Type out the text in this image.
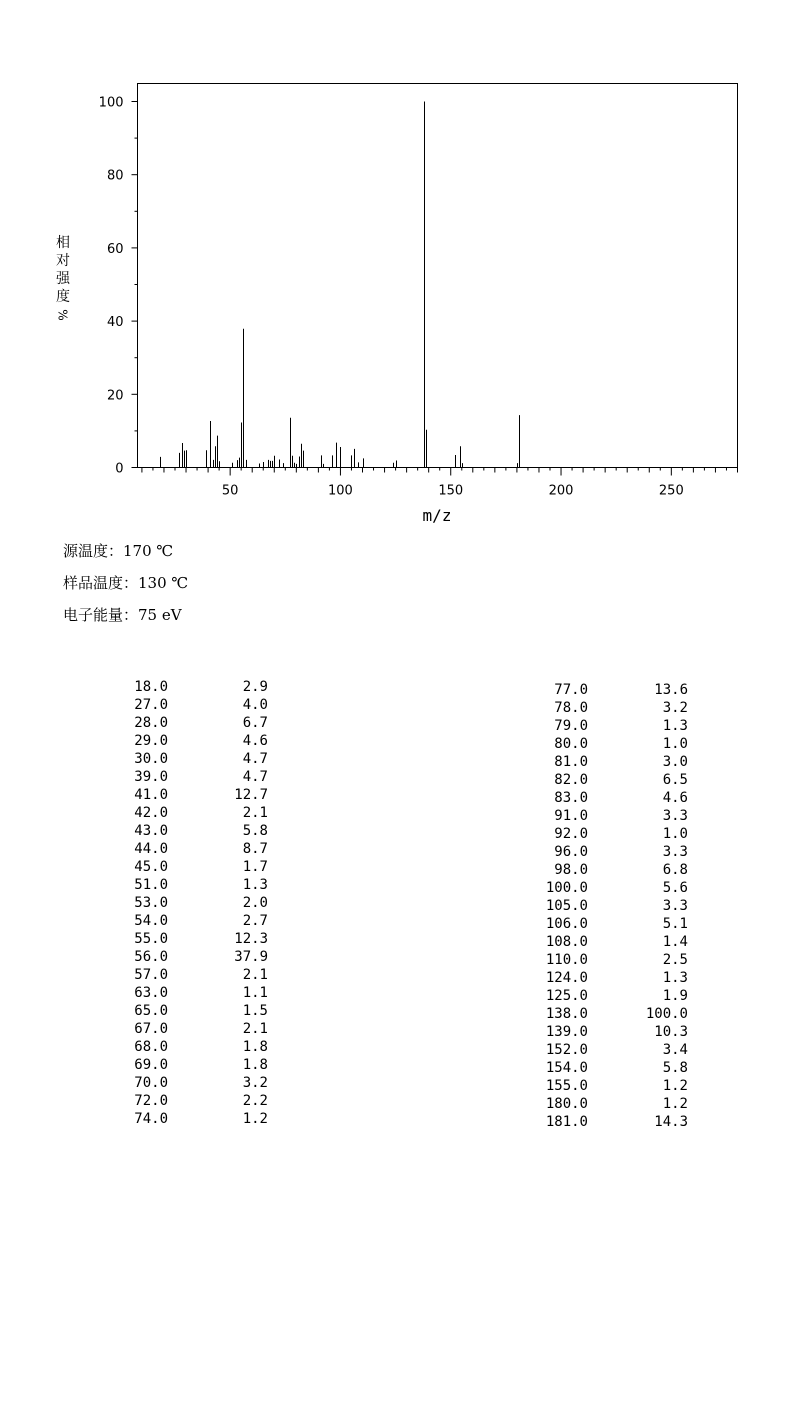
0
20
40
60
80
100
50	100	150	200	250
m/z
相
对
强
度
%
源温度：170 ℃
样品温度：130 ℃
电子能量：75 eV
18.0	2.9
27.0	4.0
28.0	6.7
29.0	4.6
30.0	4.7
39.0	4.7
41.0	12.7
42.0	2.1
43.0	5.8
44.0	8.7
45.0	1.7
51.0	1.3
53.0	2.0
54.0	2.7
55.0	12.3
56.0	37.9
57.0	2.1
63.0	1.1
65.0	1.5
67.0	2.1
68.0	1.8
69.0	1.8
70.0	3.2
72.0	2.2
74.0	1.2
77.0	13.6
78.0	3.2
79.0	1.3
80.0	1.0
81.0	3.0
82.0	6.5
83.0	4.6
91.0	3.3
92.0	1.0
96.0	3.3
98.0	6.8
100.0	5.6
105.0	3.3
106.0	5.1
108.0	1.4
110.0	2.5
124.0	1.3
125.0	1.9
138.0	100.0
139.0	10.3
152.0	3.4
154.0	5.8
155.0	1.2
180.0	1.2
181.0	14.3
